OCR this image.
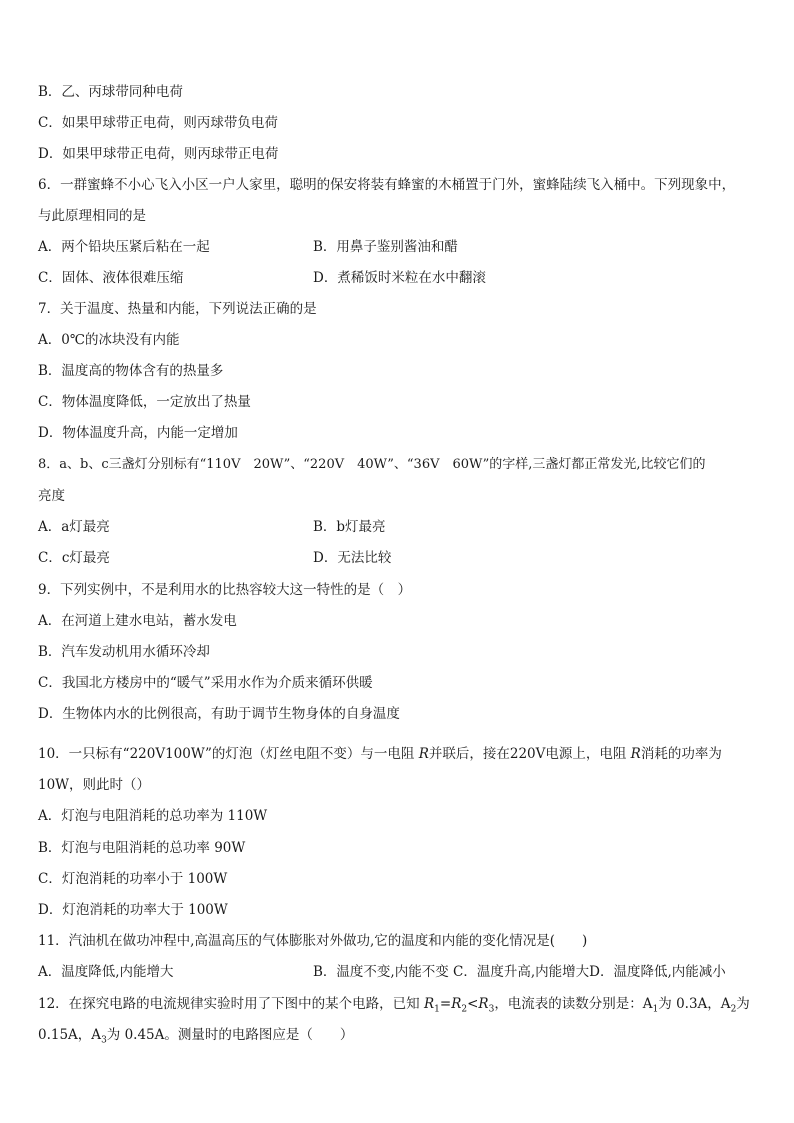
B．乙、丙球带同种电荷
C．如果甲球带正电荷，则丙球带负电荷
D．如果甲球带正电荷，则丙球带正电荷
6．一群蜜蜂不小心飞入小区一户人家里，聪明的保安将装有蜂蜜的木桶置于门外，蜜蜂陆续飞入桶中。下列现象中，
与此原理相同的是
A．两个铅块压紧后粘在一起	B．用鼻子鉴别酱油和醋
C．固体、液体很难压缩	D．煮稀饭时米粒在水中翻滚
7．关于温度、热量和内能，下列说法正确的是
A．0℃的冰块没有内能
B．温度高的物体含有的热量多
C．物体温度降低，一定放出了热量
D．物体温度升高，内能一定增加
8．a、b、c三盏灯分别标有“110V　20W”、“220V　40W”、“36V　60W”的字样,三盏灯都正常发光,比较它们的
亮度
A．a灯最亮	B．b灯最亮
C．c灯最亮	D．无法比较
9．下列实例中，不是利用水的比热容较大这一特性的是（　）
A．在河道上建水电站，蓄水发电
B．汽车发动机用水循环冷却
C．我国北方楼房中的“暖气”采用水作为介质来循环供暖
D．生物体内水的比例很高，有助于调节生物身体的自身温度
10．一只标有“220V100W”的灯泡（灯丝电阻不变）与一电阻 R并联后，接在220V电源上，电阻 R消耗的功率为
10W，则此时（）
A．灯泡与电阻消耗的总功率为 110W
B．灯泡与电阻消耗的总功率 90W
C．灯泡消耗的功率小于 100W
D．灯泡消耗的功率大于 100W
11．汽油机在做功冲程中,高温高压的气体膨胀对外做功,它的温度和内能的变化情况是(　　)
A．温度降低,内能增大	B．温度不变,内能不变 C．温度升高,内能增大D．温度降低,内能减小
12．在探究电路的电流规律实验时用了下图中的某个电路，已知 $R_1=R_2<R_3$，电流表的读数分别是：$A_1$为 0.3A，$A_2$为
0.15A，$A_3$为 0.45A。测量时的电路图应是（　　）
